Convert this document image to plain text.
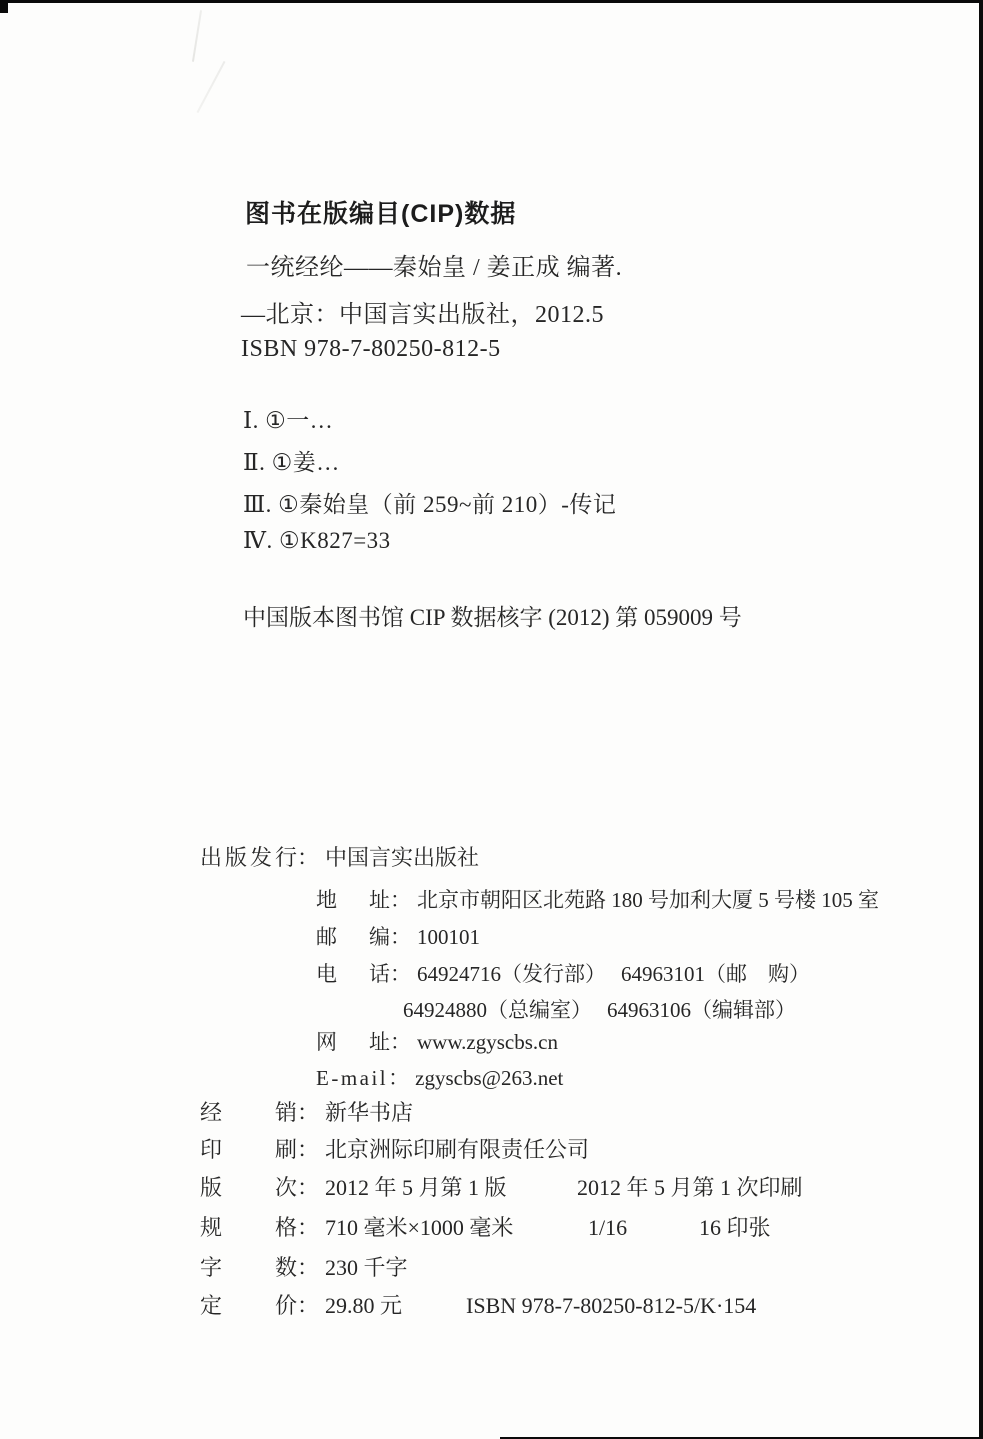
图书在版编目(CIP)数据
一统经纶——秦始皇 / 姜正成 编著.
—北京：中国言实出版社，2012.5
ISBN 978-7-80250-812-5
Ⅰ. ①一…
Ⅱ. ①姜…
Ⅲ. ①秦始皇（前 259~前 210）-传记
Ⅳ. ①K827=33
中国版本图书馆 CIP 数据核字 (2012) 第 059009 号
出版发行： 中国言实出版社
地址： 北京市朝阳区北苑路 180 号加利大厦 5 号楼 105 室
邮编： 100101
电话： 64924716（发行部） 64963101（邮　购）
64924880（总编室） 64963106（编辑部）
网址： www.zgyscbs.cn
E-mail： zgyscbs@263.net
经销： 新华书店
印刷： 北京洲际印刷有限责任公司
版次： 2012 年 5 月第 1 版	2012 年 5 月第 1 次印刷
规格： 710 毫米×1000 毫米	1/16	16 印张
字数： 230 千字
定价： 29.80 元	ISBN 978-7-80250-812-5/K·154
